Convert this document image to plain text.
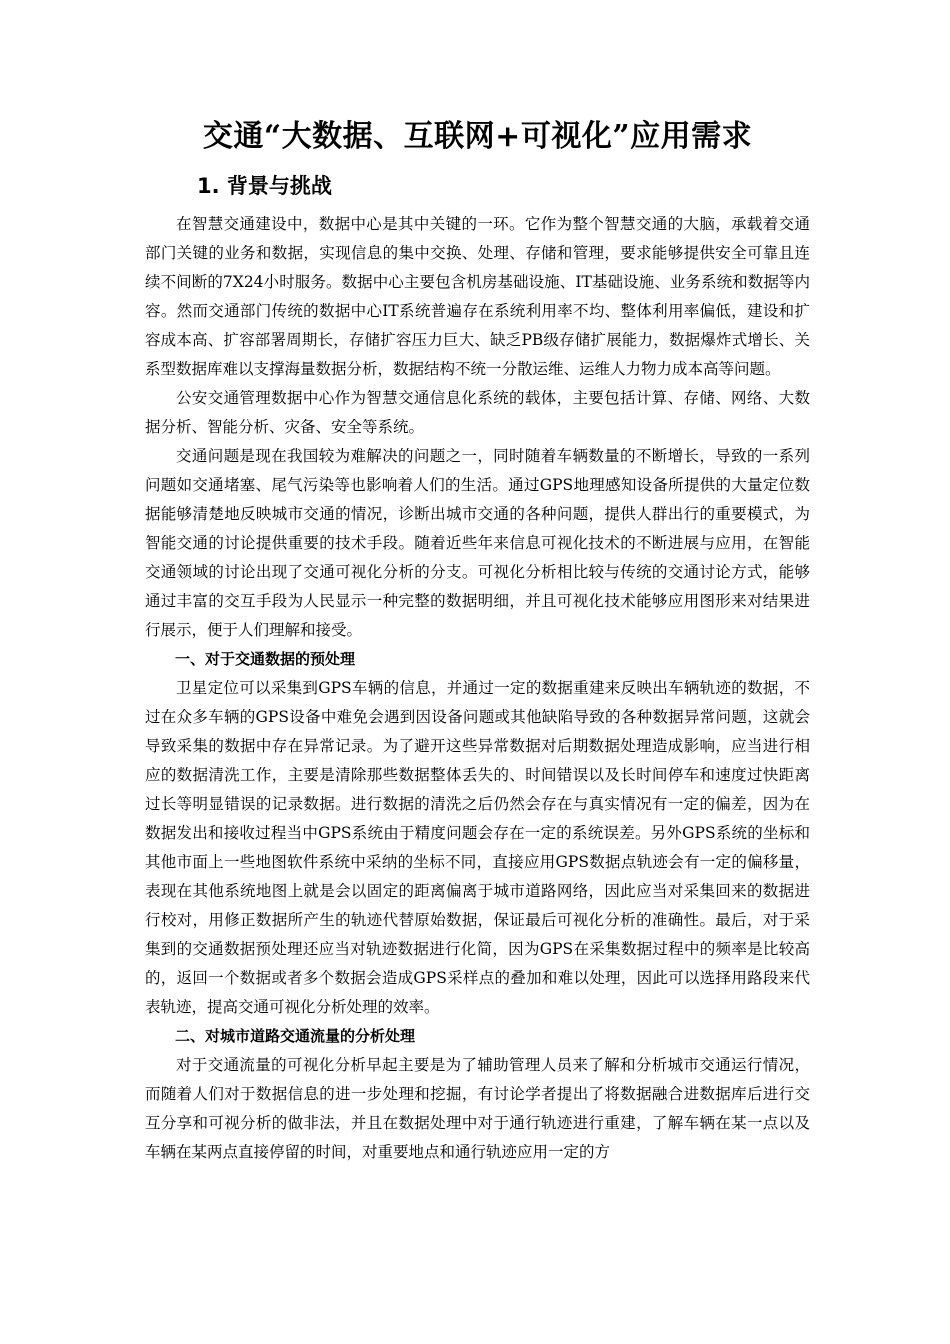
交通“大数据、互联网+可视化”应用需求
1. 背景与挑战

在智慧交通建设中，数据中心是其中关键的一环。它作为整个智慧交通的大脑，承载着交通部门关键的业务和数据，实现信息的集中交换、处理、存储和管理，要求能够提供安全可靠且连续不间断的7X24小时服务。数据中心主要包含机房基础设施、IT基础设施、业务系统和数据等内容。然而交通部门传统的数据中心IT系统普遍存在系统利用率不均、整体利用率偏低，建设和扩容成本高、扩容部署周期长，存储扩容压力巨大、缺乏PB级存储扩展能力，数据爆炸式增长、关系型数据库难以支撑海量数据分析，数据结构不统一分散运维、运维人力物力成本高等问题。

公安交通管理数据中心作为智慧交通信息化系统的载体，主要包括计算、存储、网络、大数据分析、智能分析、灾备、安全等系统。

交通问题是现在我国较为难解决的问题之一，同时随着车辆数量的不断增长，导致的一系列问题如交通堵塞、尾气污染等也影响着人们的生活。通过GPS地理感知设备所提供的大量定位数据能够清楚地反映城市交通的情况，诊断出城市交通的各种问题，提供人群出行的重要模式，为智能交通的讨论提供重要的技术手段。随着近些年来信息可视化技术的不断进展与应用，在智能交通领域的讨论出现了交通可视化分析的分支。可视化分析相比较与传统的交通讨论方式，能够通过丰富的交互手段为人民显示一种完整的数据明细，并且可视化技术能够应用图形来对结果进行展示，便于人们理解和接受。

一、对于交通数据的预处理

卫星定位可以采集到GPS车辆的信息，并通过一定的数据重建来反映出车辆轨迹的数据，不过在众多车辆的GPS设备中难免会遇到因设备问题或其他缺陷导致的各种数据异常问题，这就会导致采集的数据中存在异常记录。为了避开这些异常数据对后期数据处理造成影响，应当进行相应的数据清洗工作，主要是清除那些数据整体丢失的、时间错误以及长时间停车和速度过快距离过长等明显错误的记录数据。进行数据的清洗之后仍然会存在与真实情况有一定的偏差，因为在数据发出和接收过程当中GPS系统由于精度问题会存在一定的系统误差。另外GPS系统的坐标和其他市面上一些地图软件系统中采纳的坐标不同，直接应用GPS数据点轨迹会有一定的偏移量，表现在其他系统地图上就是会以固定的距离偏离于城市道路网络，因此应当对采集回来的数据进行校对，用修正数据所产生的轨迹代替原始数据，保证最后可视化分析的准确性。最后，对于采集到的交通数据预处理还应当对轨迹数据进行化简，因为GPS在采集数据过程中的频率是比较高的，返回一个数据或者多个数据会造成GPS采样点的叠加和难以处理，因此可以选择用路段来代表轨迹，提高交通可视化分析处理的效率。

二、对城市道路交通流量的分析处理

对于交通流量的可视化分析早起主要是为了辅助管理人员来了解和分析城市交通运行情况，而随着人们对于数据信息的进一步处理和挖掘，有讨论学者提出了将数据融合进数据库后进行交互分享和可视分析的做非法，并且在数据处理中对于通行轨迹进行重建，了解车辆在某一点以及车辆在某两点直接停留的时间，对重要地点和通行轨迹应用一定的方
